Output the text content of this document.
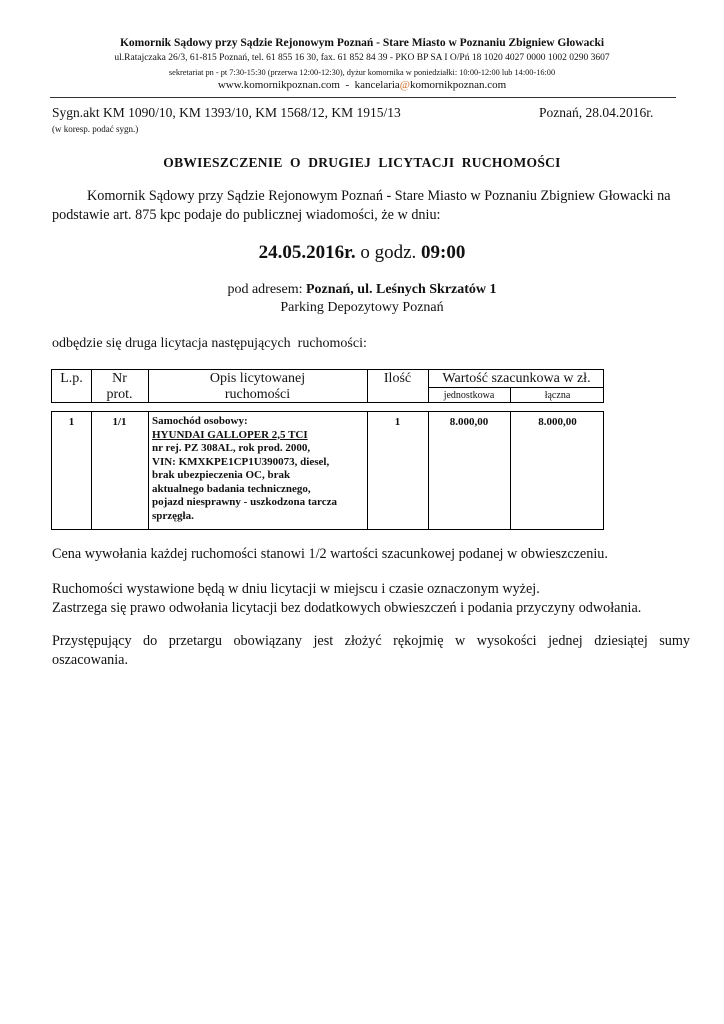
Komornik Sądowy przy Sądzie Rejonowym Poznań - Stare Miasto w Poznaniu Zbigniew Głowacki
ul.Ratajczaka 26/3, 61-815 Poznań, tel. 61 855 16 30, fax. 61 852 84 39 - PKO BP SA I O/Pń 18 1020 4027 0000 1002 0290 3607
sekretariat pn - pt 7:30-15:30 (przerwa 12:00-12:30), dyżur komornika w poniedziałki: 10:00-12:00 lub 14:00-16:00
www.komornikpoznan.com  -  kancelaria@komornikpoznan.com
Sygn.akt KM 1090/10, KM 1393/10, KM 1568/12, KM 1915/13	Poznań, 28.04.2016r.
(w koresp. podać sygn.)
OBWIESZCZENIE  O  DRUGIEJ  LICYTACJI  RUCHOMOŚCI
Komornik Sądowy przy Sądzie Rejonowym Poznań - Stare Miasto w Poznaniu Zbigniew Głowacki na
podstawie art. 875 kpc podaje do publicznej wiadomości, że w dniu:
24.05.2016r. o godz. 09:00
pod adresem: Poznań, ul. Leśnych Skrzatów 1
Parking Depozytowy Poznań
odbędzie się druga licytacja następujących  ruchomości:
L.p.	Nr
prot.
Opis licytowanej
ruchomości
Ilość	Wartość szacunkowa w zł.
jednostkowa	łączna
1	1/1	Samochód osobowy:
HYUNDAI GALLOPER 2,5 TCI
nr rej. PZ 308AL, rok prod. 2000,
VIN: KMXKPE1CP1U390073, diesel,
brak ubezpieczenia OC, brak
aktualnego badania technicznego,
pojazd niesprawny - uszkodzona tarcza
sprzęgła.
1	8.000,00	8.000,00
Cena wywołania każdej ruchomości stanowi 1/2 wartości szacunkowej podanej w obwieszczeniu.
Ruchomości wystawione będą w dniu licytacji w miejscu i czasie oznaczonym wyżej.
Zastrzega się prawo odwołania licytacji bez dodatkowych obwieszczeń i podania przyczyny odwołania.
Przystępujący do przetargu obowiązany jest złożyć rękojmię w wysokości jednej dziesiątej sumy
oszacowania.
